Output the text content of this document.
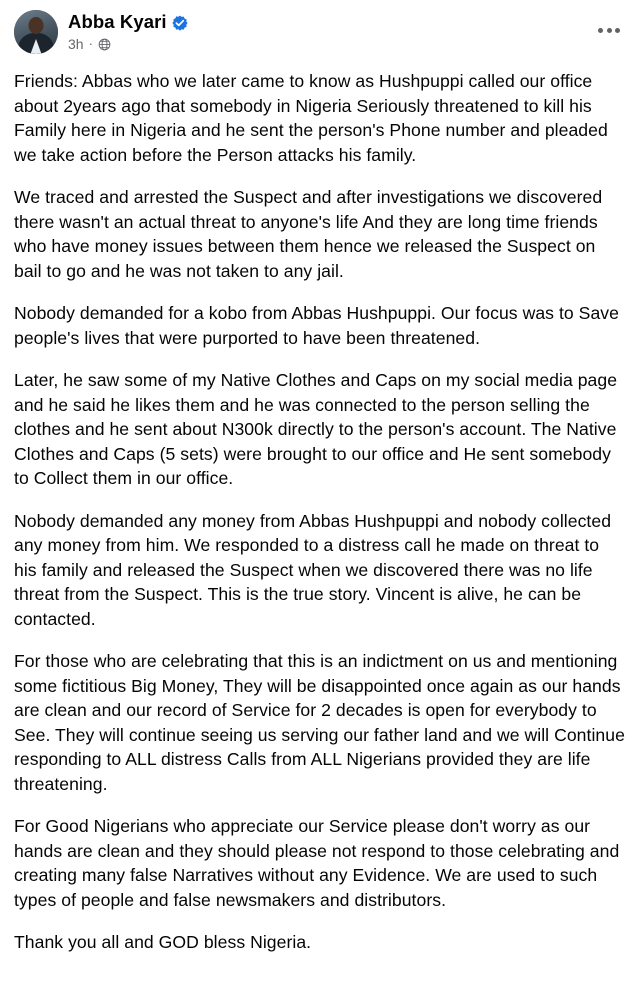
Abba Kyari
3h ·

Friends: Abbas who we later came to know as Hushpuppi called our office about 2years ago that somebody in Nigeria Seriously threatened to kill his Family here in Nigeria and he sent the person's Phone number and pleaded we take action before the Person attacks his family.

We traced and arrested the Suspect and after investigations we discovered there wasn't an actual threat to anyone's life And they are long time friends who have money issues between them hence we released the Suspect on bail to go and he was not taken to any jail.

Nobody demanded for a kobo from Abbas Hushpuppi. Our focus was to Save people's lives that were purported to have been threatened.

Later, he saw some of my Native Clothes and Caps on my social media page and he said he likes them and he was connected to the person selling the clothes and he sent about N300k directly to the person's account. The Native Clothes and Caps (5 sets) were brought to our office and He sent somebody to Collect them in our office.

Nobody demanded any money from Abbas Hushpuppi and nobody collected any money from him. We responded to a distress call he made on threat to his family and released the Suspect when we discovered there was no life threat from the Suspect. This is the true story. Vincent is alive, he can be contacted.

For those who are celebrating that this is an indictment on us and mentioning some fictitious Big Money, They will be disappointed once again as our hands are clean and our record of Service for 2 decades is open for everybody to See. They will continue seeing us serving our father land and we will Continue responding to ALL distress Calls from ALL Nigerians provided they are life threatening.

For Good Nigerians who appreciate our Service please don't worry as our hands are clean and they should please not respond to those celebrating and creating many false Narratives without any Evidence. We are used to such types of people and false newsmakers and distributors.

Thank you all and GOD bless Nigeria.
